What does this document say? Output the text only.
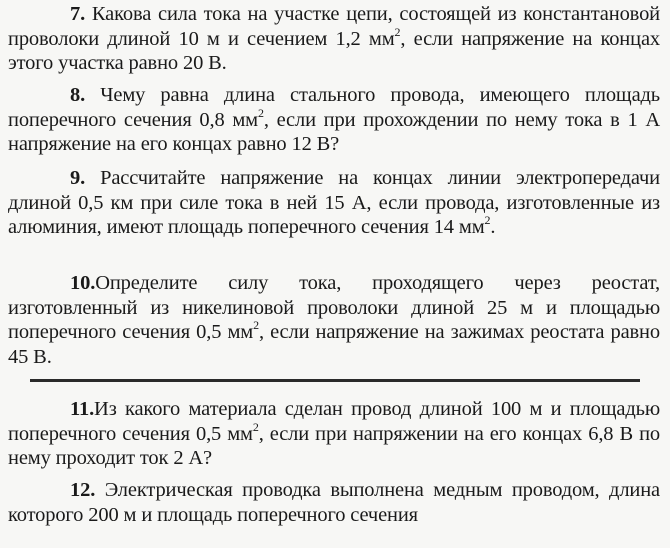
7. Какова сила тока на участке цепи, состоящей из константановой проволоки длиной 10 м и сечением 1,2 $мм^2$, если напряжение на концах этого участка равно 20 В.
8. Чему равна длина стального провода, имеющего площадь поперечного сечения 0,8 $мм^2$, если при прохождении по нему тока в 1 А напряжение на его концах равно 12 В?
9. Рассчитайте напряжение на концах линии электропередачи длиной 0,5 км при силе тока в ней 15 А, если провода, изготовленные из алюминия, имеют площадь поперечного сечения 14 $мм^2$.
10.Определите силу тока, проходящего через реостат, изготовленный из никелиновой проволоки длиной 25 м и площадью поперечного сечения 0,5 $мм^2$, если напряжение на зажимах реостата равно 45 В.
11.Из какого материала сделан провод длиной 100 м и площадью поперечного сечения 0,5 $мм^2$, если при напряжении на его концах 6,8 В по нему проходит ток 2 А?
12. Электрическая проводка выполнена медным проводом, длина которого 200 м и площадь поперечного сечения
